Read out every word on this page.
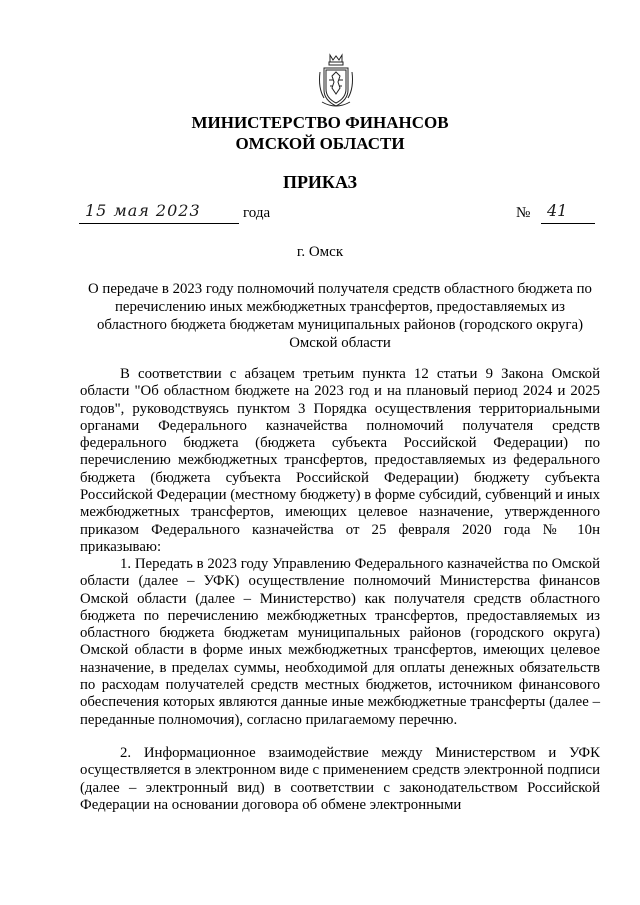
МИНИСТЕРСТВО ФИНАНСОВ
ОМСКОЙ ОБЛАСТИ
ПРИКАЗ
15 мая 2023	года	№ 41
г. Омск
О передаче в 2023 году полномочий получателя средств областного бюджета по перечислению иных межбюджетных трансфертов, предоставляемых из областного бюджета бюджетам муниципальных районов (городского округа) Омской области

В соответствии с абзацем третьим пункта 12 статьи 9 Закона Омской области "Об областном бюджете на 2023 год и на плановый период 2024 и 2025 годов", руководствуясь пунктом 3 Порядка осуществления территориальными органами Федерального казначейства полномочий получателя средств федерального бюджета (бюджета субъекта Российской Федерации) по перечислению межбюджетных трансфертов, предоставляемых из федерального бюджета (бюджета субъекта Российской Федерации) бюджету субъекта Российской Федерации (местному бюджету) в форме субсидий, субвенций и иных межбюджетных трансфертов, имеющих целевое назначение, утвержденного приказом Федерального казначейства от 25 февраля 2020 года № 10н приказываю:

1. Передать в 2023 году Управлению Федерального казначейства по Омской области (далее – УФК) осуществление полномочий Министерства финансов Омской области (далее – Министерство) как получателя средств областного бюджета по перечислению межбюджетных трансфертов, предоставляемых из областного бюджета бюджетам муниципальных районов (городского округа) Омской области в форме иных межбюджетных трансфертов, имеющих целевое назначение, в пределах суммы, необходимой для оплаты денежных обязательств по расходам получателей средств местных бюджетов, источником финансового обеспечения которых являются данные иные межбюджетные трансферты (далее – переданные полномочия), согласно прилагаемому перечню.

2. Информационное взаимодействие между Министерством и УФК осуществляется в электронном виде с применением средств электронной подписи (далее – электронный вид) в соответствии с законодательством Российской Федерации на основании договора об обмене электронными
